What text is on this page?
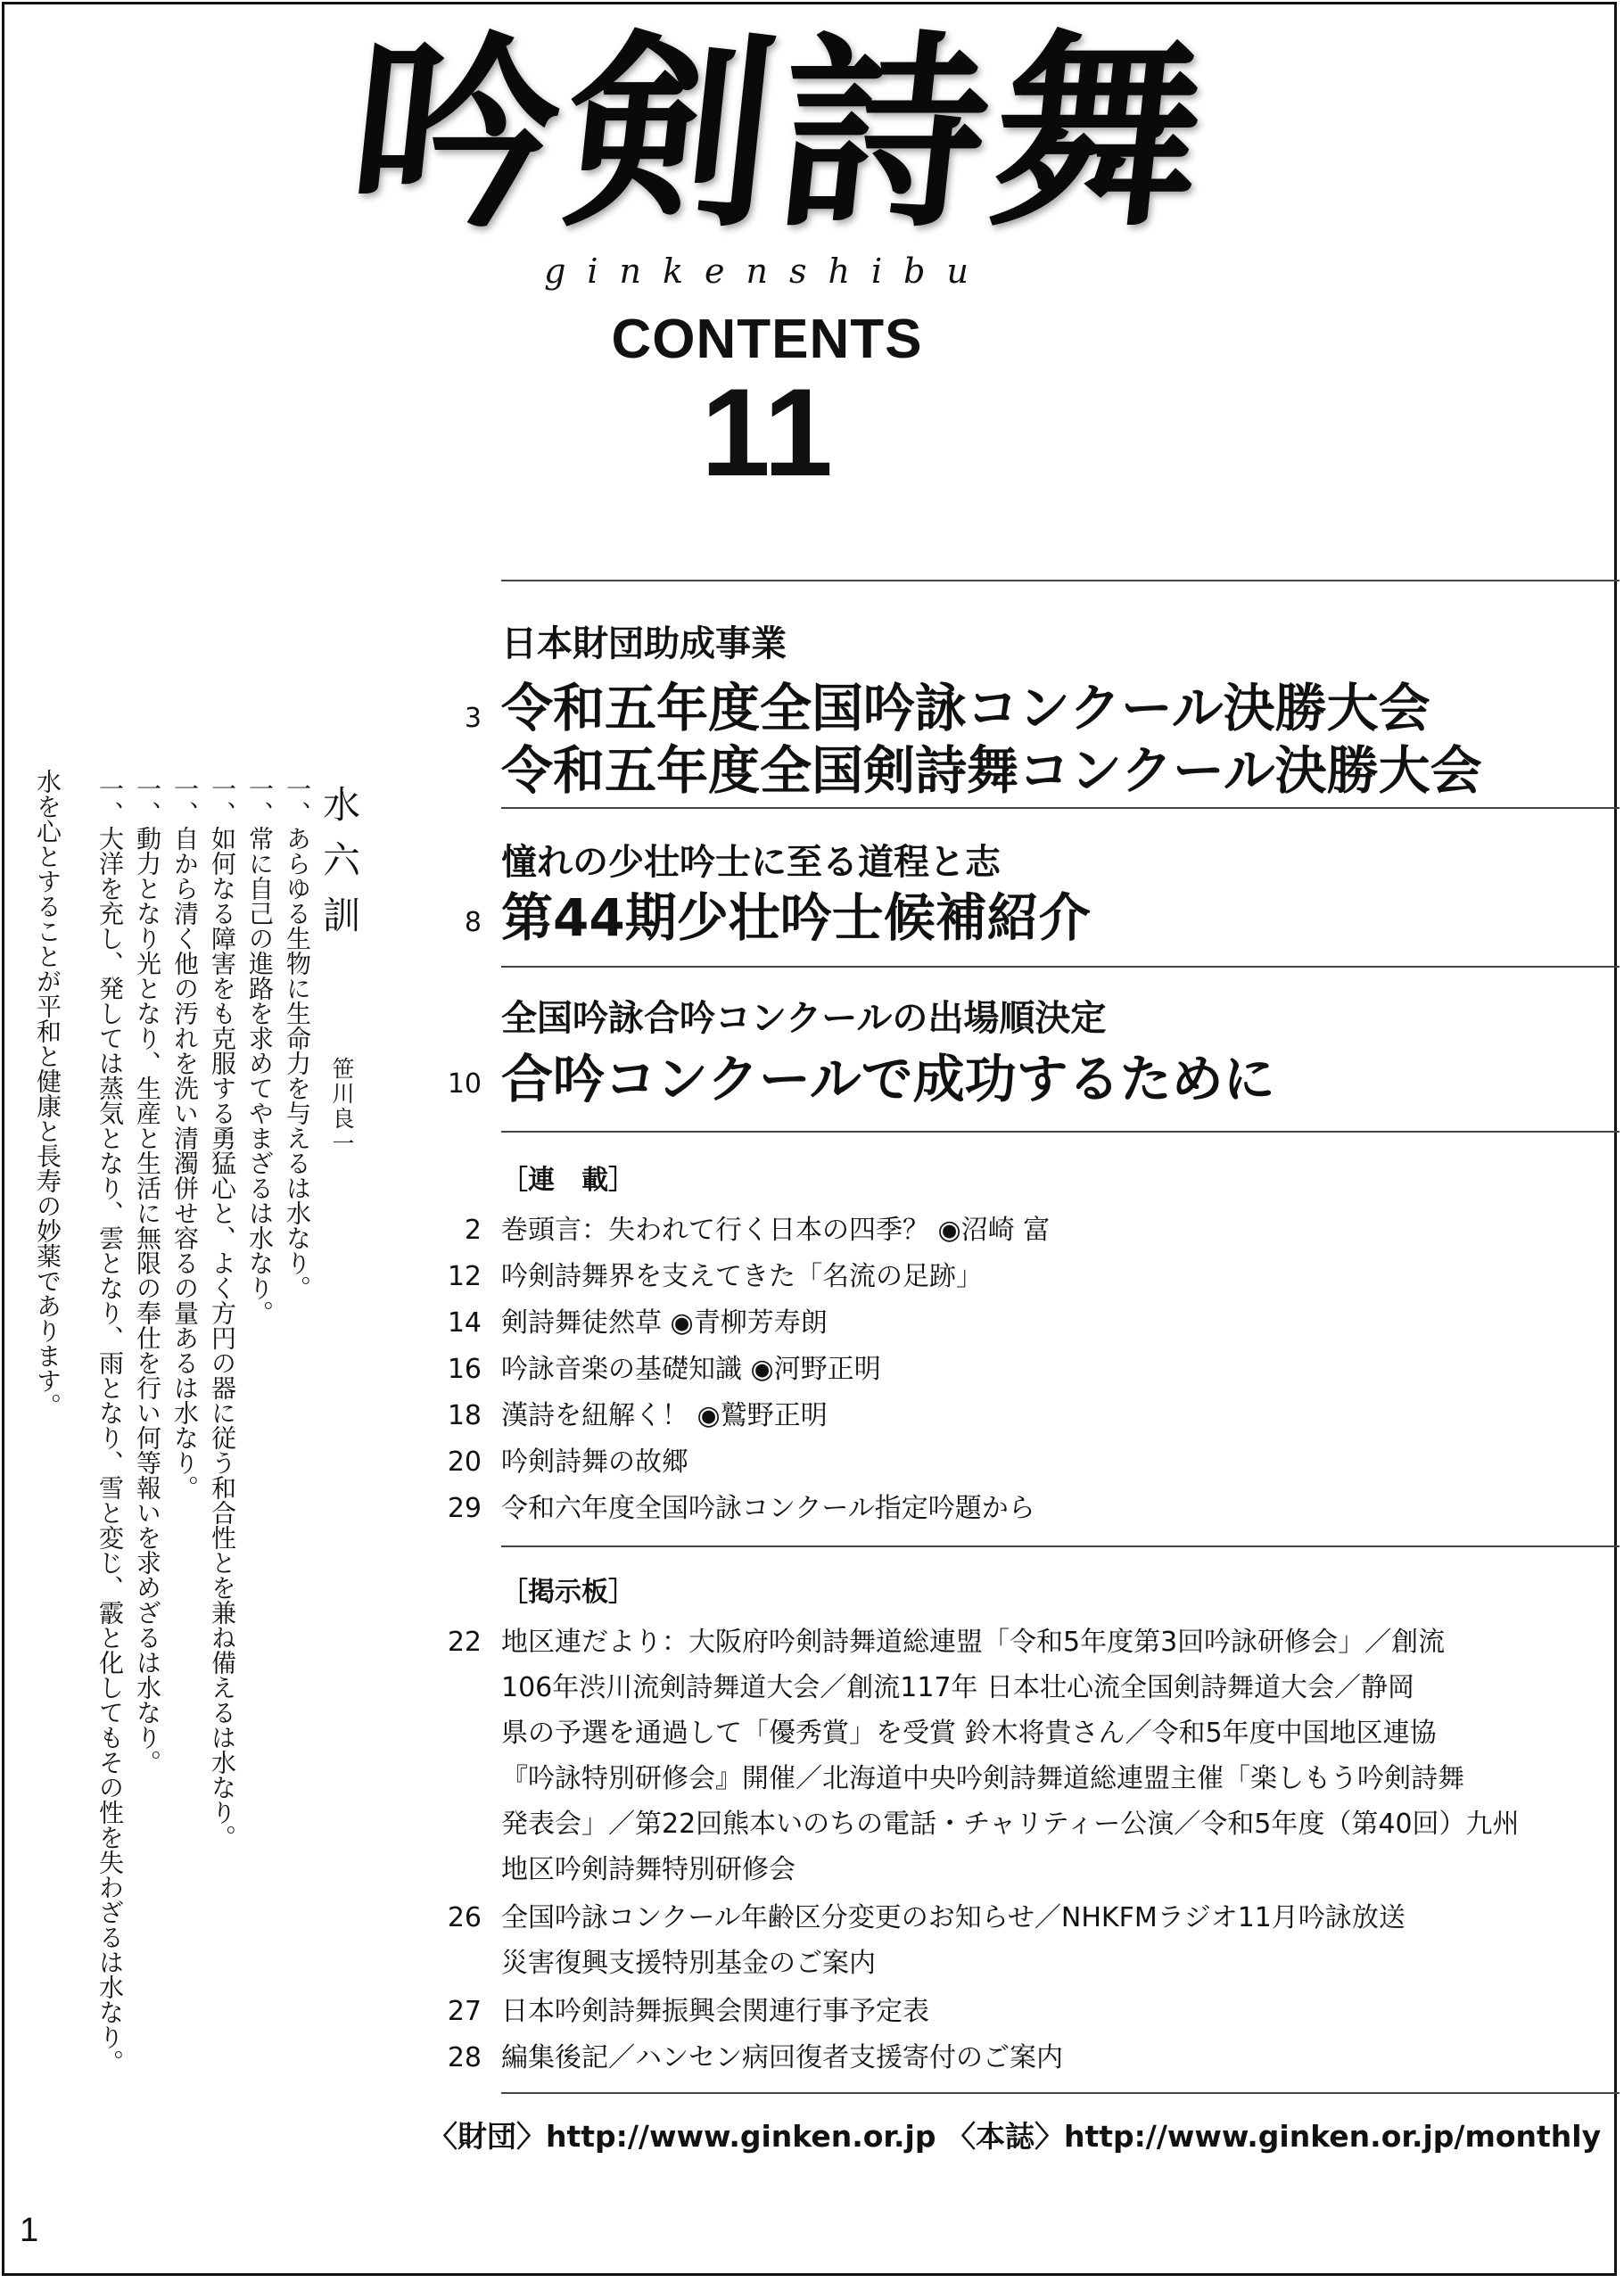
吟剣詩舞
ginkenshibu
CONTENTS
11
日本財団助成事業
3 令和五年度全国吟詠コンクール決勝大会
令和五年度全国剣詩舞コンクール決勝大会
憧れの少壮吟士に至る道程と志
8 第44期少壮吟士候補紹介
全国吟詠合吟コンクールの出場順決定
10 合吟コンクールで成功するために
［連　載］
2 巻頭言：失われて行く日本の四季？ ◉沼崎 富
12 吟剣詩舞界を支えてきた「名流の足跡」
14 剣詩舞徒然草 ◉青柳芳寿朗
16 吟詠音楽の基礎知識 ◉河野正明
18 漢詩を紐解く！ ◉鷲野正明
20 吟剣詩舞の故郷
29 令和六年度全国吟詠コンクール指定吟題から
［掲示板］
22 地区連だより：大阪府吟剣詩舞道総連盟「令和5年度第3回吟詠研修会」／創流
106年渋川流剣詩舞道大会／創流117年 日本壮心流全国剣詩舞道大会／静岡
県の予選を通過して「優秀賞」を受賞 鈴木将貴さん／令和5年度中国地区連協
『吟詠特別研修会』開催／北海道中央吟剣詩舞道総連盟主催「楽しもう吟剣詩舞
発表会」／第22回熊本いのちの電話・チャリティー公演／令和5年度（第40回）九州
地区吟剣詩舞特別研修会
26 全国吟詠コンクール年齢区分変更のお知らせ／NHKFMラジオ11月吟詠放送
災害復興支援特別基金のご案内
27 日本吟剣詩舞振興会関連行事予定表
28 編集後記／ハンセン病回復者支援寄付のご案内
〈財団〉http://www.ginken.or.jp 〈本誌〉http://www.ginken.or.jp/monthly
1
水六訓
笹川良一
一、あらゆる生物に生命力を与えるは水なり。
一、常に自己の進路を求めてやまざるは水なり。
一、如何なる障害をも克服する勇猛心と、よく方円の器に従う和合性とを兼ね備えるは水なり。
一、自から清く他の汚れを洗い清濁併せ容るの量あるは水なり。
一、動力となり光となり、生産と生活に無限の奉仕を行い何等報いを求めざるは水なり。
一、大洋を充し、発しては蒸気となり、雲となり、雨となり、雪と変じ、霰と化してもその性を失わざるは水なり。
水を心とすることが平和と健康と長寿の妙薬であります。
